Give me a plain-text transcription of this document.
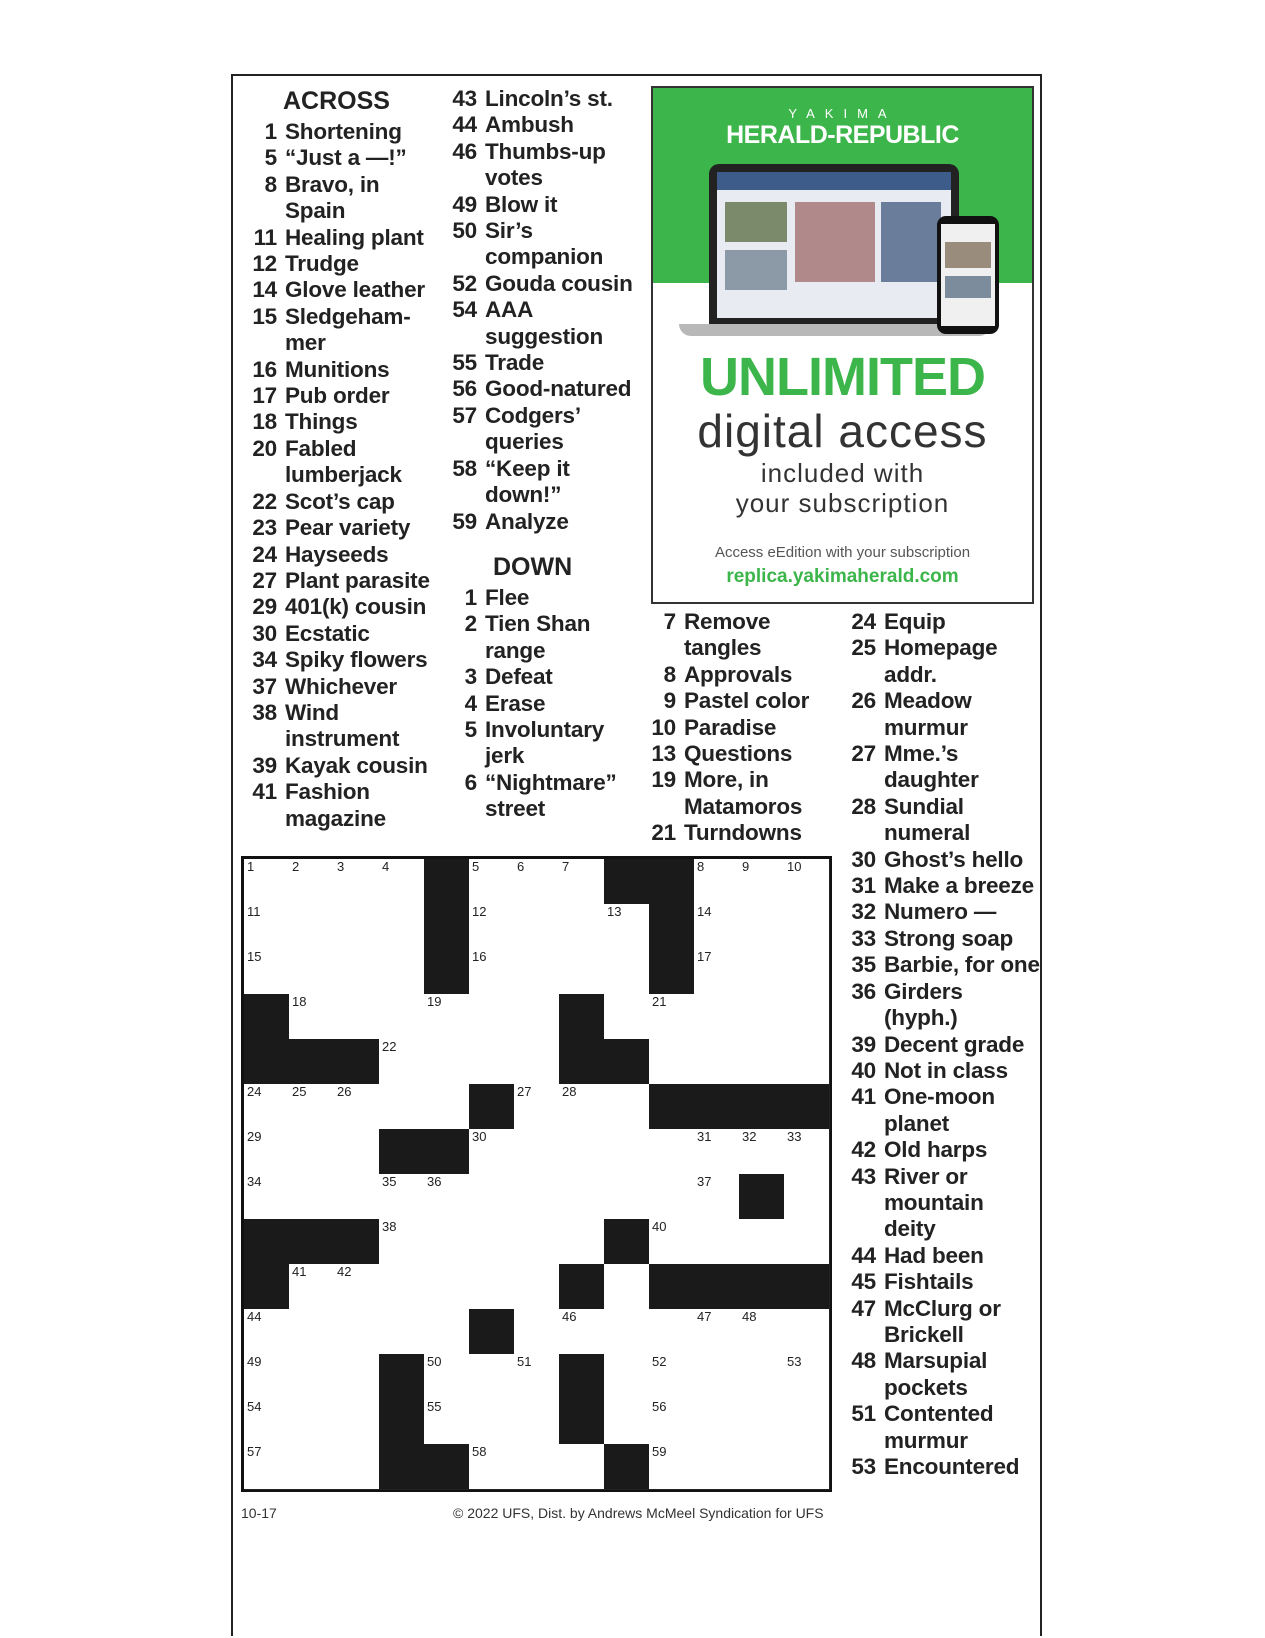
ACROSS
1 Shortening
5 “Just a —!”
8 Bravo, in Spain
11 Healing plant
12 Trudge
14 Glove leather
15 Sledgeham-mer
16 Munitions
17 Pub order
18 Things
20 Fabled lumberjack
22 Scot’s cap
23 Pear variety
24 Hayseeds
27 Plant parasite
29 401(k) cousin
30 Ecstatic
34 Spiky flowers
37 Whichever
38 Wind instrument
39 Kayak cousin
41 Fashion magazine
43 Lincoln’s st.
44 Ambush
46 Thumbs-up votes
49 Blow it
50 Sir’s companion
52 Gouda cousin
54 AAA suggestion
55 Trade
56 Good-natured
57 Codgers’ queries
58 “Keep it down!”
59 Analyze
DOWN
1 Flee
2 Tien Shan range
3 Defeat
4 Erase
5 Involuntary jerk
6 “Nightmare” street
7 Remove tangles
8 Approvals
9 Pastel color
10 Paradise
13 Questions
19 More, in Matamoros
21 Turndowns
24 Equip
25 Homepage addr.
26 Meadow murmur
27 Mme.’s daughter
28 Sundial numeral
30 Ghost’s hello
31 Make a breeze
32 Numero —
33 Strong soap
35 Barbie, for one
36 Girders (hyph.)
39 Decent grade
40 Not in class
41 One-moon planet
42 Old harps
43 River or mountain deity
44 Had been
45 Fishtails
47 McClurg or Brickell
48 Marsupial pockets
51 Contented murmur
53 Encountered
YAKIMA
HERALD-REPUBLIC
UNLIMITED
digital access
included with
your subscription
Access eEdition with your subscription
replica.yakimaherald.com
1	2	3	4	5	6	7	8	9	10
11	12	13	14
15	16	17
18	19	21
22
24 25 26	27 28
29	30	31 32 33
34	35 36	37
38	40
41 42
44	46	47 48
49	50	51	52	53
54	55	56
57	58	59
10-17	© 2022 UFS, Dist. by Andrews McMeel Syndication for UFS
